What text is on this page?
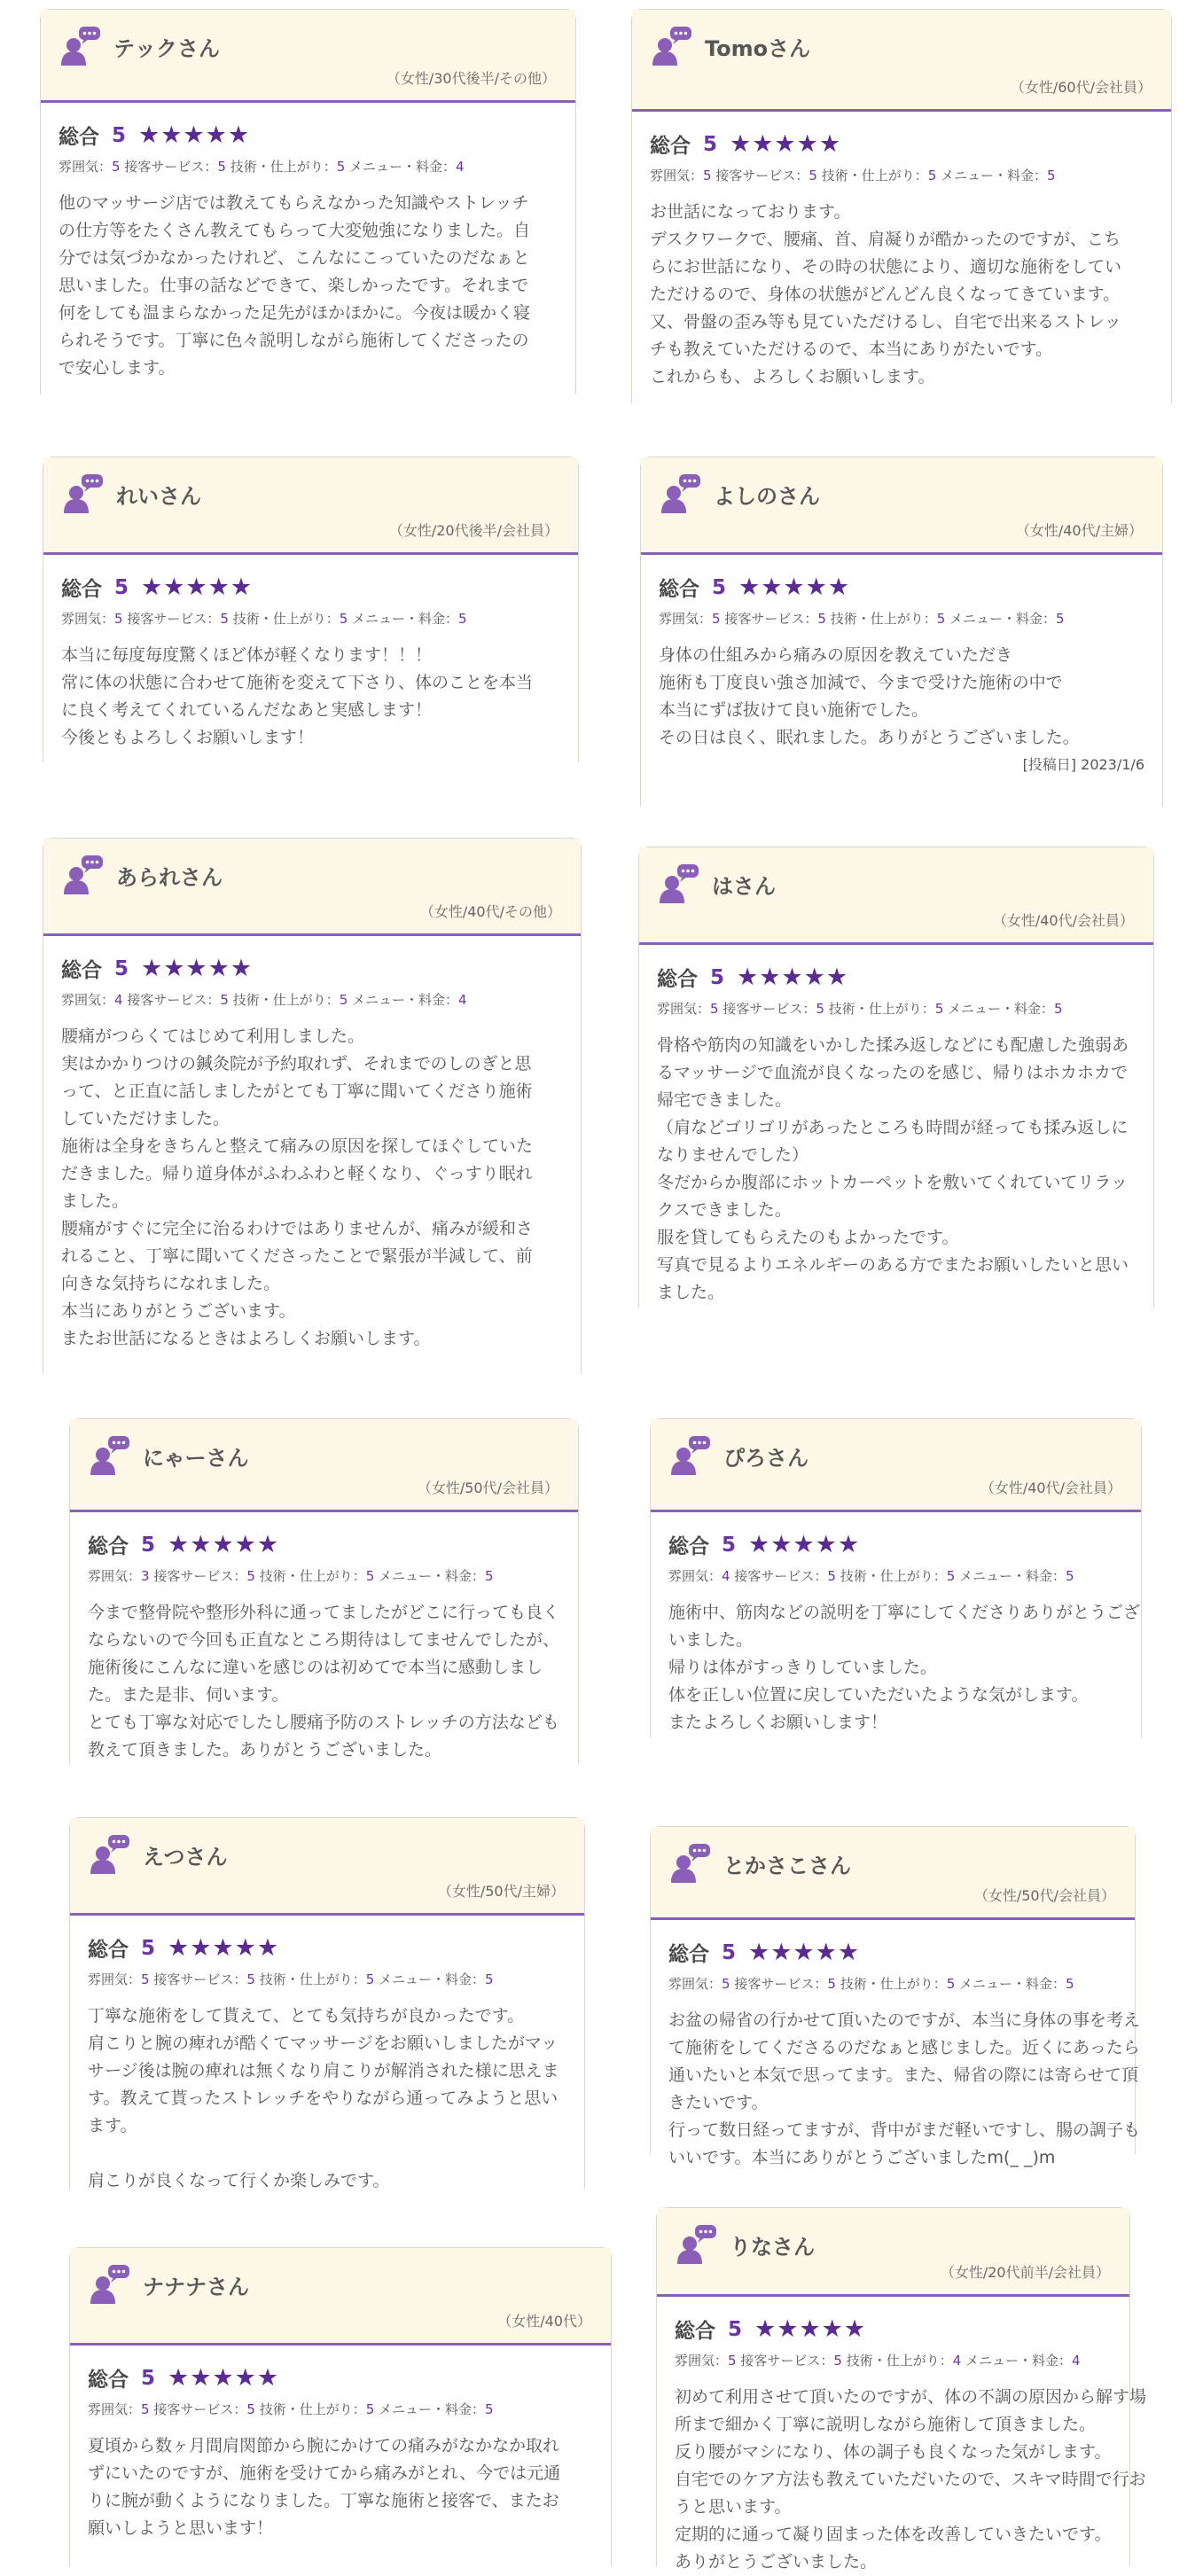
テックさん
（女性/30代後半/その他）
総合 5 ★★★★★
雰囲気：5 接客サービス：5 技術・仕上がり：5 メニュー・料金：4
他のマッサージ店では教えてもらえなかった知識やストレッチ
の仕方等をたくさん教えてもらって大変勉強になりました。自
分では気づかなかったけれど、こんなにこっていたのだなぁと
思いました。仕事の話などできて、楽しかったです。それまで
何をしても温まらなかった足先がほかほかに。今夜は暖かく寝
られそうです。丁寧に色々説明しながら施術してくださったの
で安心します。
Tomoさん
（女性/60代/会社員）
総合 5 ★★★★★
雰囲気：5 接客サービス：5 技術・仕上がり：5 メニュー・料金：5
お世話になっております。
デスクワークで、腰痛、首、肩凝りが酷かったのですが、こち
らにお世話になり、その時の状態により、適切な施術をしてい
ただけるので、身体の状態がどんどん良くなってきています。
又、骨盤の歪み等も見ていただけるし、自宅で出来るストレッ
チも教えていただけるので、本当にありがたいです。
これからも、よろしくお願いします。
れいさん
（女性/20代後半/会社員）
総合 5 ★★★★★
雰囲気：5 接客サービス：5 技術・仕上がり：5 メニュー・料金：5
本当に毎度毎度驚くほど体が軽くなります！！！
常に体の状態に合わせて施術を変えて下さり、体のことを本当
に良く考えてくれているんだなあと実感します！
今後ともよろしくお願いします！
よしのさん
（女性/40代/主婦）
総合 5 ★★★★★
雰囲気：5 接客サービス：5 技術・仕上がり：5 メニュー・料金：5
身体の仕組みから痛みの原因を教えていただき
施術も丁度良い強さ加減で、今まで受けた施術の中で
本当にずば抜けて良い施術でした。
その日は良く、眠れました。ありがとうございました。
[投稿日] 2023/1/6
あられさん
（女性/40代/その他）
総合 5 ★★★★★
雰囲気：4 接客サービス：5 技術・仕上がり：5 メニュー・料金：4
腰痛がつらくてはじめて利用しました。
実はかかりつけの鍼灸院が予約取れず、それまでのしのぎと思
って、と正直に話しましたがとても丁寧に聞いてくださり施術
していただけました。
施術は全身をきちんと整えて痛みの原因を探してほぐしていた
だきました。帰り道身体がふわふわと軽くなり、ぐっすり眠れ
ました。
腰痛がすぐに完全に治るわけではありませんが、痛みが緩和さ
れること、丁寧に聞いてくださったことで緊張が半減して、前
向きな気持ちになれました。
本当にありがとうございます。
またお世話になるときはよろしくお願いします。
はさん
（女性/40代/会社員）
総合 5 ★★★★★
雰囲気：5 接客サービス：5 技術・仕上がり：5 メニュー・料金：5
骨格や筋肉の知識をいかした揉み返しなどにも配慮した強弱あ
るマッサージで血流が良くなったのを感じ、帰りはホカホカで
帰宅できました。
（肩などゴリゴリがあったところも時間が経っても揉み返しに
なりませんでした）
冬だからか腹部にホットカーペットを敷いてくれていてリラッ
クスできました。
服を貸してもらえたのもよかったです。
写真で見るよりエネルギーのある方でまたお願いしたいと思い
ました。
にゃーさん
（女性/50代/会社員）
総合 5 ★★★★★
雰囲気：3 接客サービス：5 技術・仕上がり：5 メニュー・料金：5
今まで整骨院や整形外科に通ってましたがどこに行っても良く
ならないので今回も正直なところ期待はしてませんでしたが、
施術後にこんなに違いを感じのは初めてで本当に感動しまし
た。また是非、伺います。
とても丁寧な対応でしたし腰痛予防のストレッチの方法なども
教えて頂きました。ありがとうございました。
ぴろさん
（女性/40代/会社員）
総合 5 ★★★★★
雰囲気：4 接客サービス：5 技術・仕上がり：5 メニュー・料金：5
施術中、筋肉などの説明を丁寧にしてくださりありがとうござ
いました。
帰りは体がすっきりしていました。
体を正しい位置に戻していただいたような気がします。
またよろしくお願いします！
えつさん
（女性/50代/主婦）
総合 5 ★★★★★
雰囲気：5 接客サービス：5 技術・仕上がり：5 メニュー・料金：5
丁寧な施術をして貰えて、とても気持ちが良かったです。
肩こりと腕の痺れが酷くてマッサージをお願いしましたがマッ
サージ後は腕の痺れは無くなり肩こりが解消された様に思えま
す。教えて貰ったストレッチをやりながら通ってみようと思い
ます。

肩こりが良くなって行くか楽しみです。
とかさこさん
（女性/50代/会社員）
総合 5 ★★★★★
雰囲気：5 接客サービス：5 技術・仕上がり：5 メニュー・料金：5
お盆の帰省の行かせて頂いたのですが、本当に身体の事を考え
て施術をしてくださるのだなぁと感じました。近くにあったら
通いたいと本気で思ってます。また、帰省の際には寄らせて頂
きたいです。
行って数日経ってますが、背中がまだ軽いですし、腸の調子も
いいです。本当にありがとうございましたm(_ _)m
ナナナさん
（女性/40代）
総合 5 ★★★★★
雰囲気：5 接客サービス：5 技術・仕上がり：5 メニュー・料金：5
夏頃から数ヶ月間肩関節から腕にかけての痛みがなかなか取れ
ずにいたのですが、施術を受けてから痛みがとれ、今では元通
りに腕が動くようになりました。丁寧な施術と接客で、またお
願いしようと思います！
りなさん
（女性/20代前半/会社員）
総合 5 ★★★★★
雰囲気：5 接客サービス：5 技術・仕上がり：4 メニュー・料金：4
初めて利用させて頂いたのですが、体の不調の原因から解す場
所まで細かく丁寧に説明しながら施術して頂きました。
反り腰がマシになり、体の調子も良くなった気がします。
自宅でのケア方法も教えていただいたので、スキマ時間で行お
うと思います。
定期的に通って凝り固まった体を改善していきたいです。
ありがとうございました。
